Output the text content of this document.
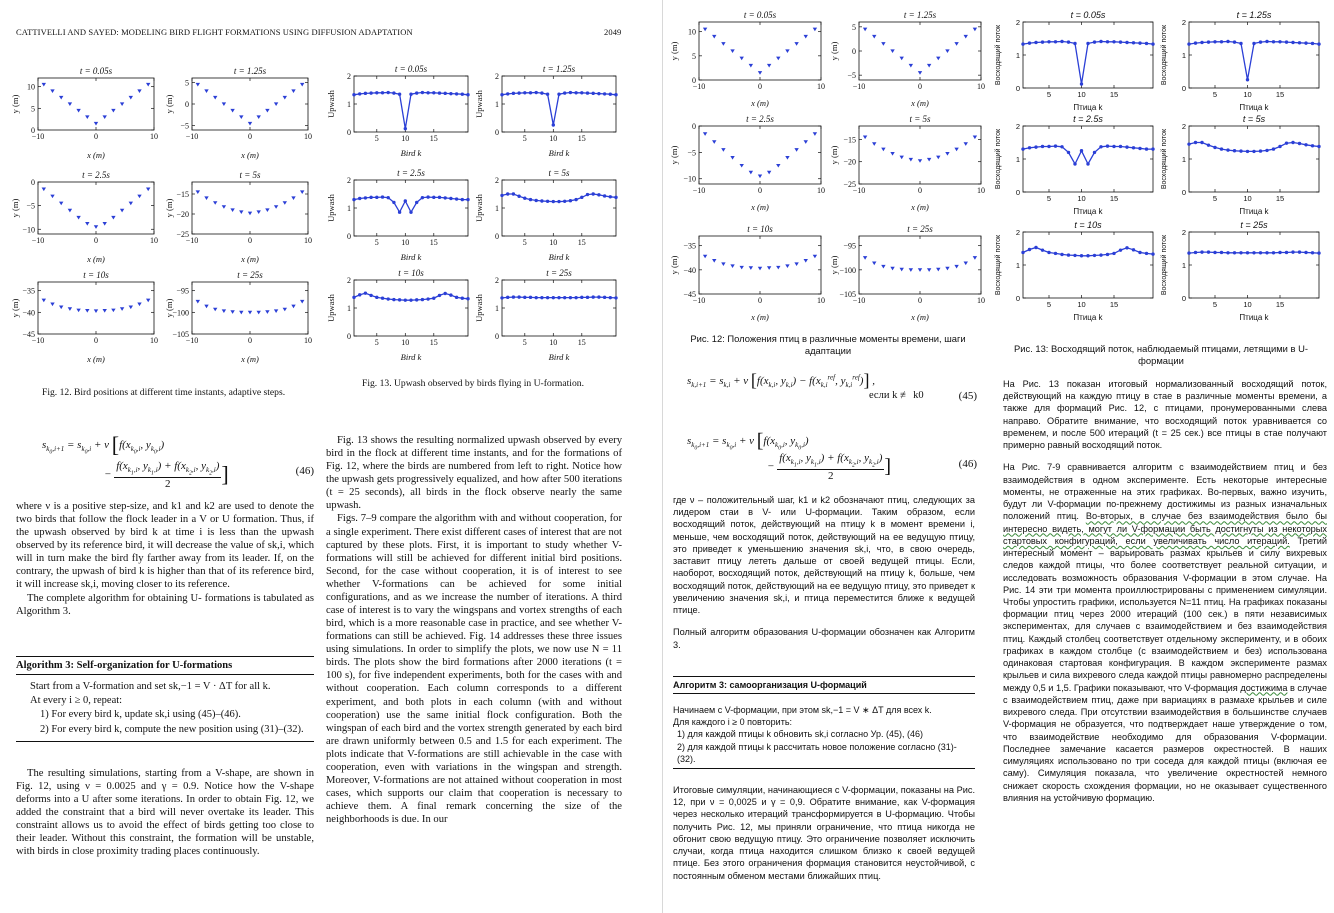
CATTIVELLI AND SAYED: MODELING BIRD FLIGHT FORMATIONS USING DIFFUSION ADAPTATION	2049
t = 0.05s
−10	0	10
0
5
10
x (m)
y (m)
t = 1.25s
−10	0	10
−5
0
5
x (m)
y (m)
t = 2.5s
−10	0	10
−10
−5
0
x (m)
y (m)
t = 5s
−10	0	10
−25
−20
−15
x (m)
y (m)
t = 10s
−10	0	10
−45
−40
−35
x (m)
y (m)
t = 25s
−10	0	10
−105
−100
−95
x (m)
y (m)
Fig. 12. Bird positions at different time instants, adaptive steps.
t = 0.05s
5	10	15
0
1
2
Bird k
Upwash
t = 1.25s
5	10	15
0
1
2
Bird k
Upwash
t = 2.5s
5	10	15
0
1
2
Bird k
Upwash
t = 5s
5	10	15
0
1
2
Bird k
Upwash
t = 10s
5	10	15
0
1
2
Bird k
Upwash
t = 25s
5	10	15
0
1
2
Bird k
Upwash
Fig. 13. Upwash observed by birds flying in U-formation.
$s_{k_0,i+1} = s_{k_0,i} + \nu$ [$f(x_{k_0,i}$, $y_{k_0,i}$)
− $\frac{f(x_{k_1,i}, y_{k_1,i}) + f(x_{k_2,i}, y_{k_2,i})}{2}$ ]	(46)

where ν is a positive step-size, and k1 and k2 are used to denote the two birds that follow the flock leader in a V or U formation. Thus, if the upwash observed by bird k at time i is less than the upwash observed by its reference bird, it will decrease the value of sk,i, which will in turn make the bird fly farther away from its leader. If, on the contrary, the upwash of bird k is higher than that of its reference bird, it will increase sk,i, moving closer to its reference.

The complete algorithm for obtaining U- formations is tabulated as Algorithm 3.

Algorithm 3: Self-organization for U-formations
Start from a V-formation and set sk,−1 = V · ΔT for all k.
At every i ≥ 0, repeat:
1) For every bird k, update sk,i using (45)–(46).
2) For every bird k, compute the new position using (31)–(32).

The resulting simulations, starting from a V-shape, are shown in Fig. 12, using ν = 0.0025 and γ = 0.9. Notice how the V-shape deforms into a U after some iterations. In order to obtain Fig. 12, we added the constraint that a bird will never overtake its leader. This constraint allows us to avoid the effect of birds getting too close to their leader. Without this constraint, the formation will be unstable, with birds in close proximity trading places continuously.

Fig. 13 shows the resulting normalized upwash observed by every bird in the flock at different time instants, and for the formations of Fig. 12, where the birds are numbered from left to right. Notice how the upwash gets progressively equalized, and how after 500 iterations (t = 25 seconds), all birds in the flock observe nearly the same upwash.

Figs. 7–9 compare the algorithm with and without cooperation, for a single experiment. There exist different cases of interest that are not captured by these plots. First, it is important to study whether V-formations will still be achieved for different initial bird positions. Second, for the case without cooperation, it is of interest to see whether V-formations can be achieved for some initial configurations, and as we increase the number of iterations. A third case of interest is to vary the wingspans and vortex strengths of each bird, which is a more reasonable case in practice, and see whether V-formations can still be achieved. Fig. 14 addresses these three issues using simulations. In order to simplify the plots, we now use N = 11 birds. The plots show the bird formations after 2000 iterations (t = 100 s), for five independent experiments, both for the cases with and without cooperation. Each column corresponds to a different experiment, and both plots in each column (with and without cooperation) use the same initial flock configuration. Both the wingspan of each bird and the vortex strength generated by each bird are drawn uniformly between 0.5 and 1.5 for each experiment. The plots indicate that V-formations are still achievable in the case with cooperation, even with variations in the wingspan and strength. Moreover, V-formations are not attained without cooperation in most cases, which supports our claim that cooperation is necessary to achieve them. A final remark concerning the size of the neighborhoods is due. In our

t = 0.05s
−10	0	10
0
5
10
x (m)
y (m)
t = 1.25s
−10	0	10
−5
0
5
x (m)
y (m)
t = 2.5s
−10	0	10
−10
−5
0
x (m)
y (m)
t = 5s
−10	0	10
−25
−20
−15
x (m)
y (m)
t = 10s
−10	0	10
−45
−40
−35
x (m)
y (m)
t = 25s
−10	0	10
−105
−100
−95
x (m)
y (m)
Рис. 12: Положения птиц в различные моменты времени, шаги адаптации
t = 0.05s
5	10	15
0
1
2
Птица k
Восходящий поток
t = 1.25s
5	10	15
0
1
2
Птица k
Восходящий поток
t = 2.5s
5	10	15
0
1
2
Птица k
Восходящий поток
t = 5s
5	10	15
0
1
2
Птица k
Восходящий поток
t = 10s
5	10	15
0
1
2
Птица k
Восходящий поток
t = 25s
5	10	15
0
1
2
Птица k
Восходящий поток
Рис. 13: Восходящий поток, наблюдаемый птицами, летящими в U-формации
$s_{k,i+1} = s_{k,i} + \nu$ [$f(x_{k,i}$, $y_{k,i}) - f(x_{k,i}^{ref}$, $y_{k,i}^{ref}$)] ,
если k ≢ k0	(45)
$s_{k_0,i+1} = s_{k_0,i} + \nu$ [$f(x_{k_0,i}$, $y_{k_0,i}$)
− $\frac{f(x_{k_1,i}, y_{k_1,i}) + f(x_{k_2,i}, y_{k_2,i})}{2}$ ]	(46)

где ν – положительный шаг, k1 и k2 обозначают птиц, следующих за лидером стаи в V- или U-формации. Таким образом, если восходящий поток, действующий на птицу k в момент времени i, меньше, чем восходящий поток, действующий на ее ведущую птицу, это приведет к уменьшению значения sk,i, что, в свою очередь, заставит птицу лететь дальше от своей ведущей птицы. Если, наоборот, восходящий поток, действующий на птицу k, больше, чем восходящий поток, действующий на ее ведущую птицу, это приведет к увеличению значения sk,i, и птица переместится ближе к ведущей птице.

Полный алгоритм образования U-формации обозначен как Алгоритм 3.

Алгоритм 3: самоорганизация U-формаций
Начинаем с V-формации, при этом sk,−1 = V ∗ ΔT для всех k.
Для каждого i ≥ 0 повторить:
1) для каждой птицы k обновить sk,i согласно Ур. (45), (46)
2) для каждой птицы k рассчитать новое положение согласно (31)-(32).

Итоговые симуляции, начинающиеся с V-формации, показаны на Рис. 12, при ν = 0,0025 и γ = 0,9. Обратите внимание, как V-формация через несколько итераций трансформируется в U-формацию. Чтобы получить Рис. 12, мы приняли ограничение, что птица никогда не обгонит свою ведущую птицу. Это ограничение позволяет исключить случаи, когда птица находится слишком близко к своей ведущей птице. Без этого ограничения формация становится неустойчивой, с постоянным обменом местами ближайших птиц.

На Рис. 13 показан итоговый нормализованный восходящий поток, действующий на каждую птицу в стае в различные моменты времени, а также для формаций Рис. 12, с птицами, пронумерованными слева направо. Обратите внимание, что восходящий поток уравнивается со временем, и после 500 итераций (t = 25 сек.) все птицы в стае получают примерно равный восходящий поток.

На Рис. 7-9 сравнивается алгоритм с взаимодействием птиц и без взаимодействия в одном эксперименте. Есть некоторые интересные моменты, не отраженные на этих графиках. Во-первых, важно изучить, будут ли V-формации по-прежнему достижимы из разных изначальных положений птиц. Во-вторых, в случае без взаимодействия было бы интересно видеть, могут ли V-формации быть достигнуты из некоторых стартовых конфигураций, если увеличивать число итераций. Третий интересный момент – варьировать размах крыльев и силу вихревых следов каждой птицы, что более соответствует реальной ситуации, и исследовать возможность образования V-формации в этом случае. На Рис. 14 эти три момента проиллюстрированы с применением симуляции. Чтобы упростить графики, используется N=11 птиц. На графиках показаны формации птиц через 2000 итераций (100 сек.) в пяти независимых экспериментах, для случаев с взаимодействием и без взаимодействия птиц. Каждый столбец соответствует отдельному эксперименту, и в обоих графиках в каждом столбце (с взаимодействием и без) использована одинаковая стартовая конфигурация. В каждом эксперименте размах крыльев и сила вихревого следа каждой птицы равномерно распределены между 0,5 и 1,5. Графики показывают, что V-формация достижима в случае с взаимодействием птиц, даже при вариациях в размахе крыльев и силе вихревого следа. При отсутствии взаимодействия в большинстве случаев V-формация не образуется, что подтверждает наше утверждение о том, что взаимодействие необходимо для образования V-формации. Последнее замечание касается размеров окрестностей. В наших симуляциях использовано по три соседа для каждой птицы (включая ее саму). Симуляция показала, что увеличение окрестностей немного снижает скорость схождения формации, но не оказывает существенного влияния на устойчивую формацию.
